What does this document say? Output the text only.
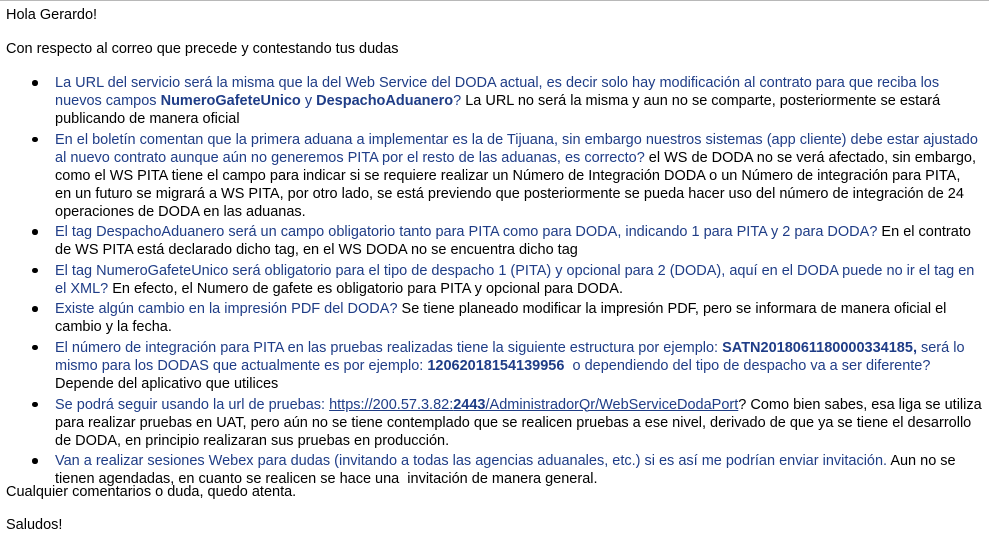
Hola Gerardo!
Con respecto al correo que precede y contestando tus dudas
La URL del servicio será la misma que la del Web Service del DODA actual, es decir solo hay modificación al contrato para que reciba los
nuevos campos NumeroGafeteUnico y DespachoAduanero? La URL no será la misma y aun no se comparte, posteriormente se estará
publicando de manera oficial
En el boletín comentan que la primera aduana a implementar es la de Tijuana, sin embargo nuestros sistemas (app cliente) debe estar ajustado
al nuevo contrato aunque aún no generemos PITA por el resto de las aduanas, es correcto? el WS de DODA no se verá afectado, sin embargo,
como el WS PITA tiene el campo para indicar si se requiere realizar un Número de Integración DODA o un Número de integración para PITA,
en un futuro se migrará a WS PITA, por otro lado, se está previendo que posteriormente se pueda hacer uso del número de integración de 24
operaciones de DODA en las aduanas.
El tag DespachoAduanero será un campo obligatorio tanto para PITA como para DODA, indicando 1 para PITA y 2 para DODA? En el contrato
de WS PITA está declarado dicho tag, en el WS DODA no se encuentra dicho tag
El tag NumeroGafeteUnico será obligatorio para el tipo de despacho 1 (PITA) y opcional para 2 (DODA), aquí en el DODA puede no ir el tag en
el XML? En efecto, el Numero de gafete es obligatorio para PITA y opcional para DODA.
Existe algún cambio en la impresión PDF del DODA? Se tiene planeado modificar la impresión PDF, pero se informara de manera oficial el
cambio y la fecha.
El número de integración para PITA en las pruebas realizadas tiene la siguiente estructura por ejemplo: SATN2018061180000334185, será lo
mismo para los DODAS que actualmente es por ejemplo: 12062018154139956  o dependiendo del tipo de despacho va a ser diferente?
Depende del aplicativo que utilices
Se podrá seguir usando la url de pruebas: https://200.57.3.82:2443/AdministradorQr/WebServiceDodaPort? Como bien sabes, esa liga se utiliza
para realizar pruebas en UAT, pero aún no se tiene contemplado que se realicen pruebas a ese nivel, derivado de que ya se tiene el desarrollo
de DODA, en principio realizaran sus pruebas en producción.
Van a realizar sesiones Webex para dudas (invitando a todas las agencias aduanales, etc.) si es así me podrían enviar invitación. Aun no se
tienen agendadas, en cuanto se realicen se hace una  invitación de manera general.
Cualquier comentarios o duda, quedo atenta.
Saludos!
